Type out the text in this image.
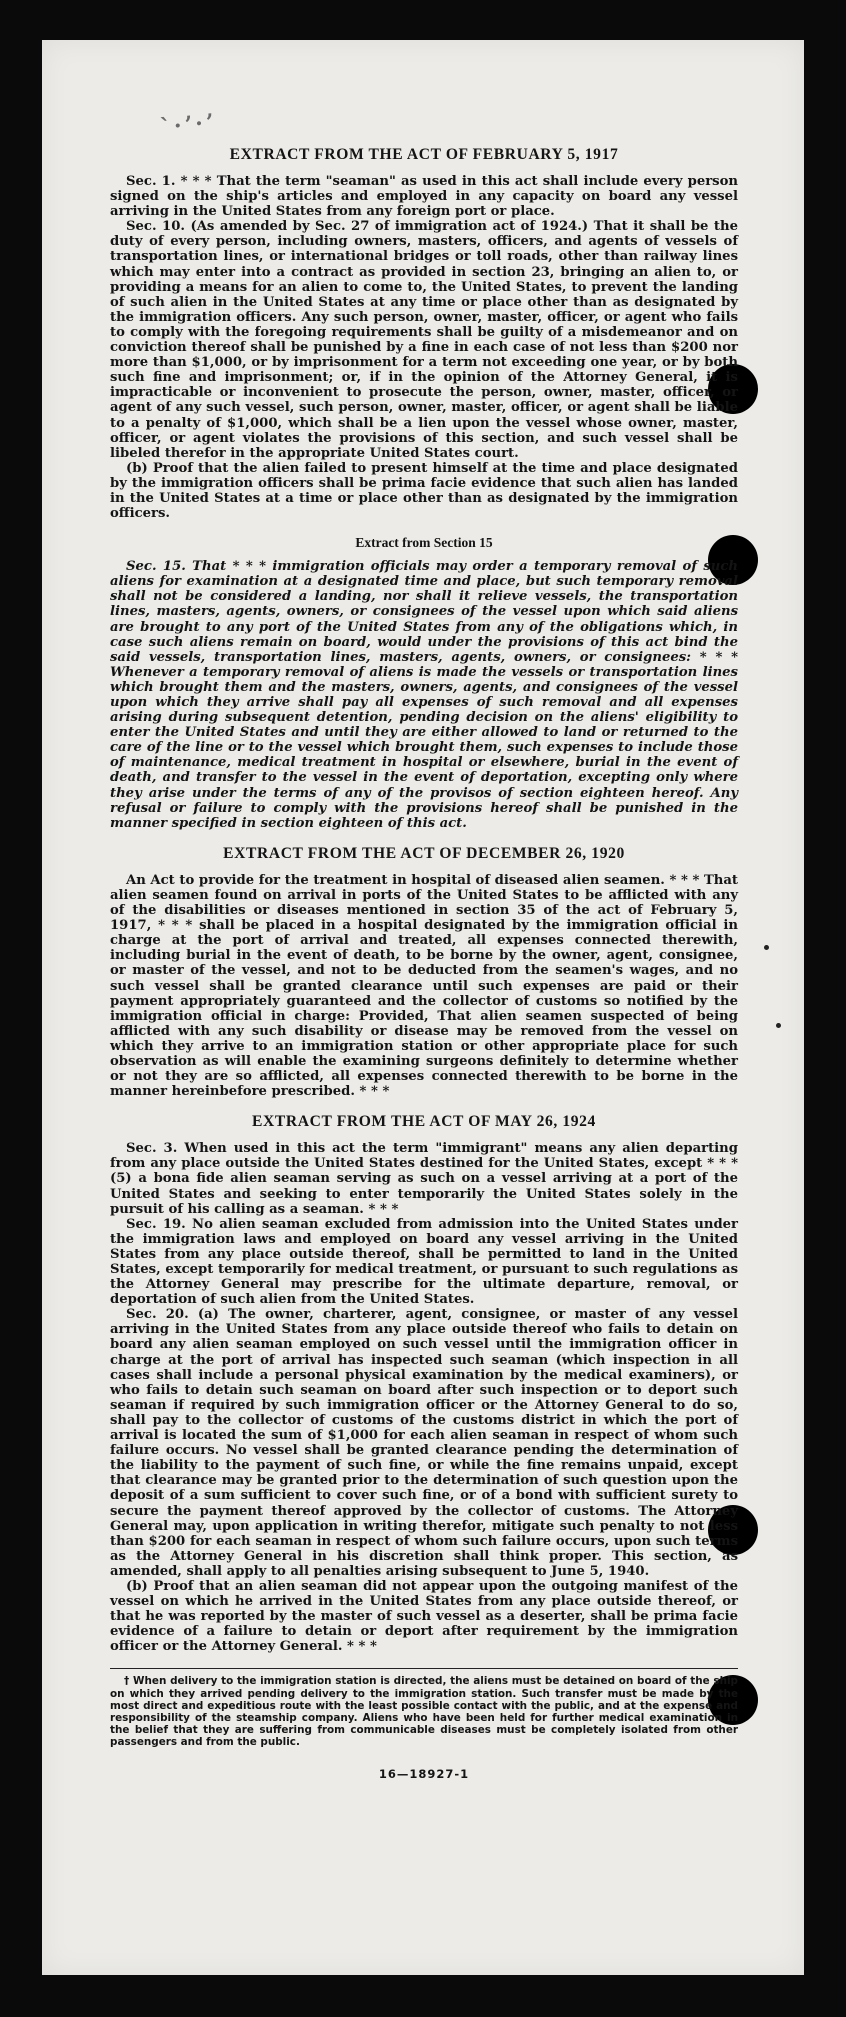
`·ʼ·ʼ
EXTRACT FROM THE ACT OF FEBRUARY 5, 1917

Sec. 1. * * * That the term "seaman" as used in this act shall include every person signed on the ship's articles and employed in any capacity on board any vessel arriving in the United States from any foreign port or place.

Sec. 10. (As amended by Sec. 27 of immigration act of 1924.) That it shall be the duty of every person, including owners, masters, officers, and agents of vessels of transportation lines, or international bridges or toll roads, other than railway lines which may enter into a contract as provided in section 23, bringing an alien to, or providing a means for an alien to come to, the United States, to prevent the landing of such alien in the United States at any time or place other than as designated by the immigration officers. Any such person, owner, master, officer, or agent who fails to comply with the foregoing requirements shall be guilty of a misdemeanor and on conviction thereof shall be punished by a fine in each case of not less than $200 nor more than $1,000, or by imprisonment for a term not exceeding one year, or by both such fine and imprisonment; or, if in the opinion of the Attorney General, it is impracticable or inconvenient to prosecute the person, owner, master, officer, or agent of any such vessel, such person, owner, master, officer, or agent shall be liable to a penalty of $1,000, which shall be a lien upon the vessel whose owner, master, officer, or agent violates the provisions of this section, and such vessel shall be libeled therefor in the appropriate United States court.

(b) Proof that the alien failed to present himself at the time and place designated by the immigration officers shall be prima facie evidence that such alien has landed in the United States at a time or place other than as designated by the immigration officers.

Extract from Section 15

Sec. 15. That * * * immigration officials may order a temporary removal of such aliens for examination at a designated time and place, but such temporary removal shall not be considered a landing, nor shall it relieve vessels, the transportation lines, masters, agents, owners, or consignees of the vessel upon which said aliens are brought to any port of the United States from any of the obligations which, in case such aliens remain on board, would under the provisions of this act bind the said vessels, transportation lines, masters, agents, owners, or consignees: * * * Whenever a temporary removal of aliens is made the vessels or transportation lines which brought them and the masters, owners, agents, and consignees of the vessel upon which they arrive shall pay all expenses of such removal and all expenses arising during subsequent detention, pending decision on the aliens' eligibility to enter the United States and until they are either allowed to land or returned to the care of the line or to the vessel which brought them, such expenses to include those of maintenance, medical treatment in hospital or elsewhere, burial in the event of death, and transfer to the vessel in the event of deportation, excepting only where they arise under the terms of any of the provisos of section eighteen hereof. Any refusal or failure to comply with the provisions hereof shall be punished in the manner specified in section eighteen of this act.

EXTRACT FROM THE ACT OF DECEMBER 26, 1920

An Act to provide for the treatment in hospital of diseased alien seamen. * * * That alien seamen found on arrival in ports of the United States to be afflicted with any of the disabilities or diseases mentioned in section 35 of the act of February 5, 1917, * * * shall be placed in a hospital designated by the immigration official in charge at the port of arrival and treated, all expenses connected therewith, including burial in the event of death, to be borne by the owner, agent, consignee, or master of the vessel, and not to be deducted from the seamen's wages, and no such vessel shall be granted clearance until such expenses are paid or their payment appropriately guaranteed and the collector of customs so notified by the immigration official in charge: Provided, That alien seamen suspected of being afflicted with any such disability or disease may be removed from the vessel on which they arrive to an immigration station or other appropriate place for such observation as will enable the examining surgeons definitely to determine whether or not they are so afflicted, all expenses connected therewith to be borne in the manner hereinbefore prescribed. * * *

EXTRACT FROM THE ACT OF MAY 26, 1924

Sec. 3. When used in this act the term "immigrant" means any alien departing from any place outside the United States destined for the United States, except * * * (5) a bona fide alien seaman serving as such on a vessel arriving at a port of the United States and seeking to enter temporarily the United States solely in the pursuit of his calling as a seaman. * * *

Sec. 19. No alien seaman excluded from admission into the United States under the immigration laws and employed on board any vessel arriving in the United States from any place outside thereof, shall be permitted to land in the United States, except temporarily for medical treatment, or pursuant to such regulations as the Attorney General may prescribe for the ultimate departure, removal, or deportation of such alien from the United States.

Sec. 20. (a) The owner, charterer, agent, consignee, or master of any vessel arriving in the United States from any place outside thereof who fails to detain on board any alien seaman employed on such vessel until the immigration officer in charge at the port of arrival has inspected such seaman (which inspection in all cases shall include a personal physical examination by the medical examiners), or who fails to detain such seaman on board after such inspection or to deport such seaman if required by such immigration officer or the Attorney General to do so, shall pay to the collector of customs of the customs district in which the port of arrival is located the sum of $1,000 for each alien seaman in respect of whom such failure occurs. No vessel shall be granted clearance pending the determination of the liability to the payment of such fine, or while the fine remains unpaid, except that clearance may be granted prior to the determination of such question upon the deposit of a sum sufficient to cover such fine, or of a bond with sufficient surety to secure the payment thereof approved by the collector of customs. The Attorney General may, upon application in writing therefor, mitigate such penalty to not less than $200 for each seaman in respect of whom such failure occurs, upon such terms as the Attorney General in his discretion shall think proper. This section, as amended, shall apply to all penalties arising subsequent to June 5, 1940.

(b) Proof that an alien seaman did not appear upon the outgoing manifest of the vessel on which he arrived in the United States from any place outside thereof, or that he was reported by the master of such vessel as a deserter, shall be prima facie evidence of a failure to detain or deport after requirement by the immigration officer or the Attorney General. * * *

† When delivery to the immigration station is directed, the aliens must be detained on board of the ship on which they arrived pending delivery to the immigration station. Such transfer must be made by the most direct and expeditious route with the least possible contact with the public, and at the expense and responsibility of the steamship company. Aliens who have been held for further medical examination in the belief that they are suffering from communicable diseases must be completely isolated from other passengers and from the public.

16—18927-1
